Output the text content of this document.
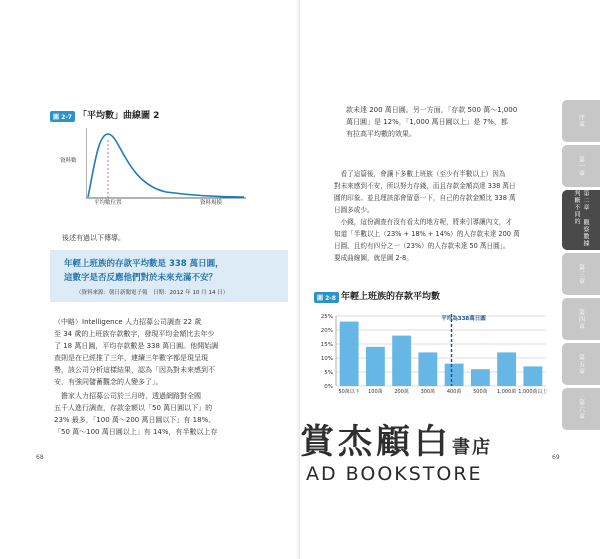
圖 2-7 「平均數」曲線圖 2
資料數
平均數位置	資料規模

後述有過以下傳導。

年輕上班族的存款平均數是 338 萬日圓，
這數字是否反應他們對於未來充滿不安？
（資料來源：朝日新聞電子報　日期：2012 年 10 月 14 日）

（中略）Intelligence 人力招募公司調查 22 歲

至 34 歲的上班族存款數字，發現平均金額比去年少

了 18 萬日圓，平均存款數是 338 萬日圓。他開始調

查則是在已經推了三年，連續三年數字都是現呈現

勢，該公司分析這樣結果，認為「因為對未來感到不

安，有強同儲蓄觀念的人變多了」。

　擔家人力招募公司於三月時，透過網路對全國

五千人進行調查，存款金額以「50 萬日圓以下」的

23% 最多，「100 萬～200 萬日圓以下」有 18%、

「50 萬～100 萬日圓以上」有 14%，有半數以上存

68

款未達 200 萬日圓。另一方面，「存款 500 萬～1,000

萬日圓」是 12%，「1,000 萬日圓以上」是 7%，都

有拉高平均數的效果。

　看了這篇後，會讓下多數上班族（至少有半數以上）因為

對未來感到不安，所以努力存錢，而且存款金額高達 338 萬日

圓的印象。並且理該部會留意一下，自己的存款金額比 338 萬

日圓多或少。

　小錢，這份調查有沒有看太的地方呢，將來引導讓內文，才

知道「半數以上（23% + 18% + 14%）的人存款未達 200 萬

日圓，且約有四分之一（23%）的人存款未達 50 萬日圓」。

要成曲線圖，就是圖 2-8。

圖 2-8 年輕上班族的存款平均數
0%
5%
10%
15%
20%
25%
50萬以下 100萬 200萬 300萬 400萬 500萬 1,000萬 1,000萬以上
平均為338萬日圓
69
序章
第一章
第二章 觀察數據判斷不同的
第三章
第四章
第五章
第六章
賞杰顧白書店
AD BOOKSTORE
